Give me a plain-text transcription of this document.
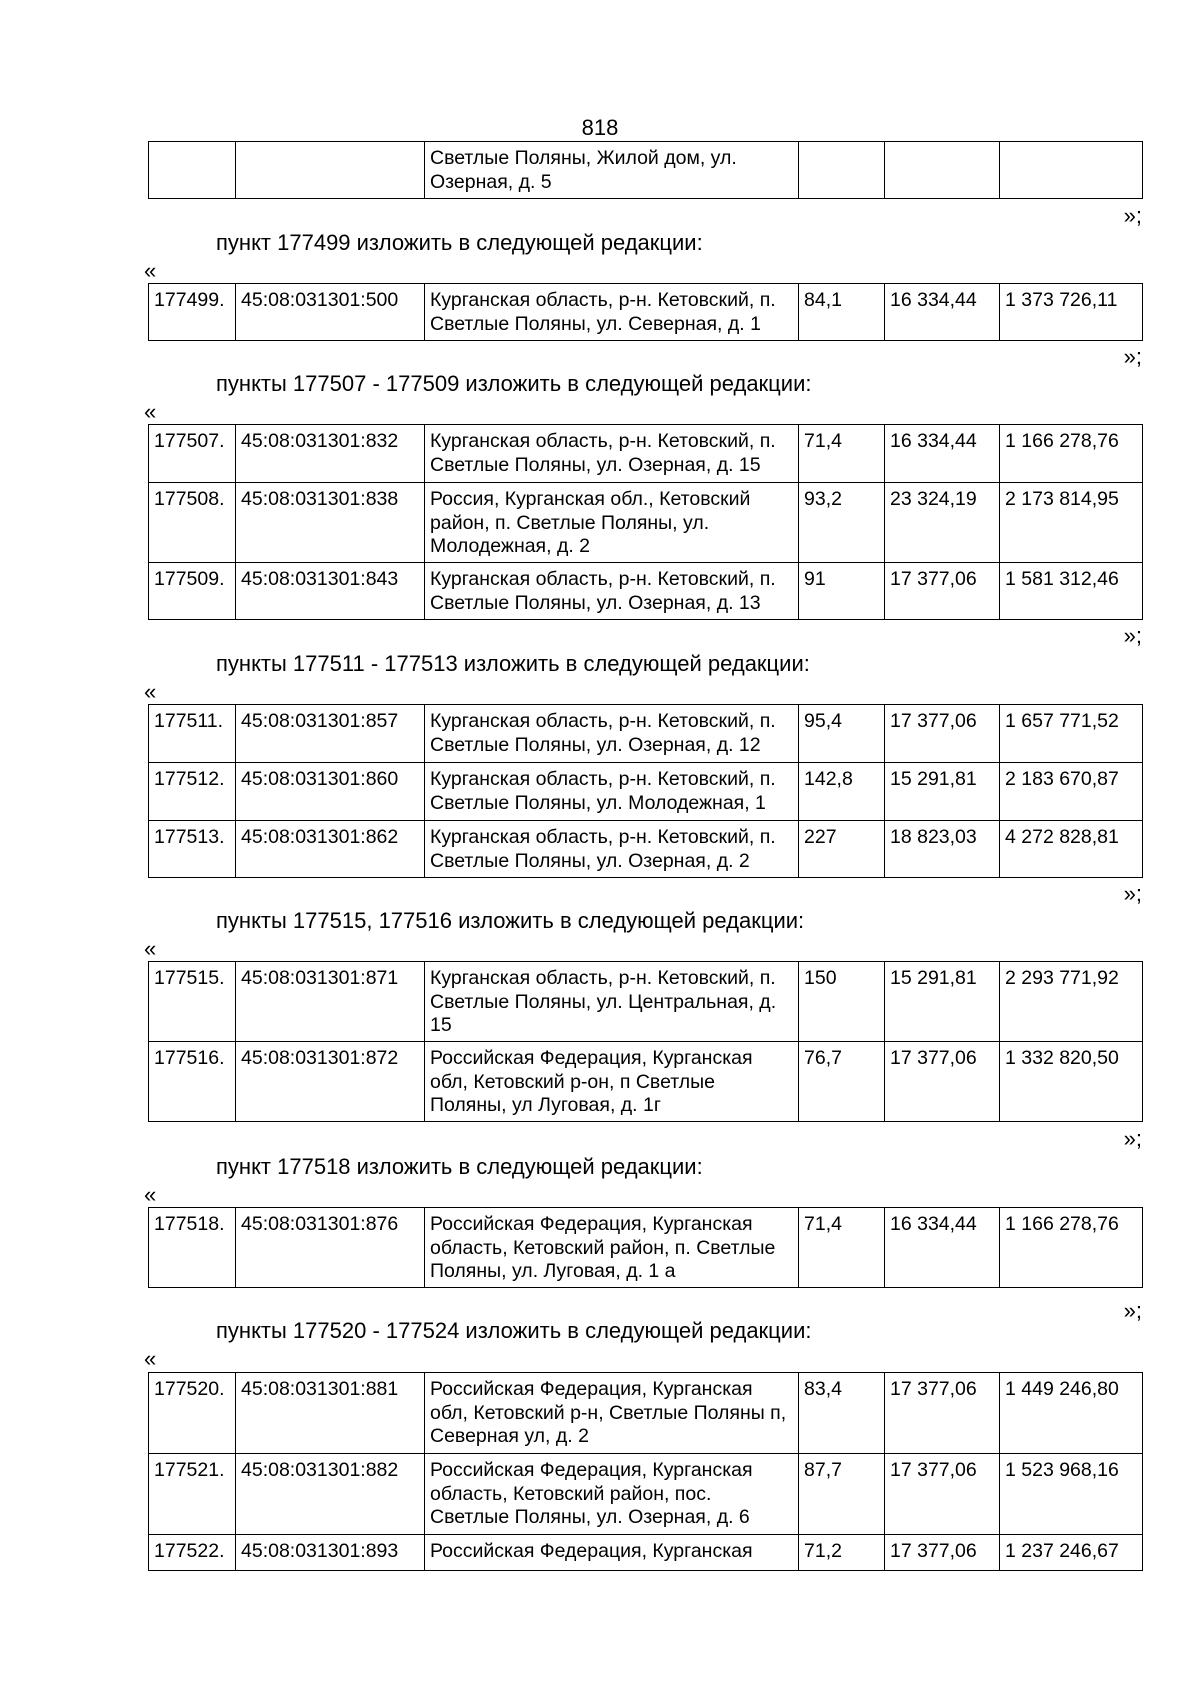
818
		Светлые Поляны, Жилой дом, ул. Озерная, д. 5			
»;
пункт 177499 изложить в следующей редакции:
«
177499.	45:08:031301:500	Курганская область, р-н. Кетовский, п. Светлые Поляны, ул. Северная, д. 1	84,1	16 334,44	1 373 726,11
»;
пункты 177507 - 177509 изложить в следующей редакции:
«
177507.	45:08:031301:832	Курганская область, р-н. Кетовский, п. Светлые Поляны, ул. Озерная, д. 15	71,4	16 334,44	1 166 278,76
177508.	45:08:031301:838	Россия, Курганская обл., Кетовский район, п. Светлые Поляны, ул. Молодежная, д. 2	93,2	23 324,19	2 173 814,95
177509.	45:08:031301:843	Курганская область, р-н. Кетовский, п. Светлые Поляны, ул. Озерная, д. 13	91	17 377,06	1 581 312,46
»;
пункты 177511 - 177513 изложить в следующей редакции:
«
177511.	45:08:031301:857	Курганская область, р-н. Кетовский, п. Светлые Поляны, ул. Озерная, д. 12	95,4	17 377,06	1 657 771,52
177512.	45:08:031301:860	Курганская область, р-н. Кетовский, п. Светлые Поляны, ул. Молодежная, 1	142,8	15 291,81	2 183 670,87
177513.	45:08:031301:862	Курганская область, р-н. Кетовский, п. Светлые Поляны, ул. Озерная, д. 2	227	18 823,03	4 272 828,81
»;
пункты 177515, 177516 изложить в следующей редакции:
«
177515.	45:08:031301:871	Курганская область, р-н. Кетовский, п. Светлые Поляны, ул. Центральная, д. 15	150	15 291,81	2 293 771,92
177516.	45:08:031301:872	Российская Федерация, Курганская обл, Кетовский р-он, п Светлые Поляны, ул Луговая, д. 1г	76,7	17 377,06	1 332 820,50
»;
пункт 177518 изложить в следующей редакции:
«
177518.	45:08:031301:876	Российская Федерация, Курганская область, Кетовский район, п. Светлые Поляны, ул. Луговая, д. 1 а	71,4	16 334,44	1 166 278,76
»;
пункты 177520 - 177524 изложить в следующей редакции:
«
177520.	45:08:031301:881	Российская Федерация, Курганская обл, Кетовский р-н, Светлые Поляны п, Северная ул, д. 2	83,4	17 377,06	1 449 246,80
177521.	45:08:031301:882	Российская Федерация, Курганская область, Кетовский район, пос. Светлые Поляны, ул. Озерная, д. 6	87,7	17 377,06	1 523 968,16
177522.	45:08:031301:893	Российская Федерация, Курганская	71,2	17 377,06	1 237 246,67
